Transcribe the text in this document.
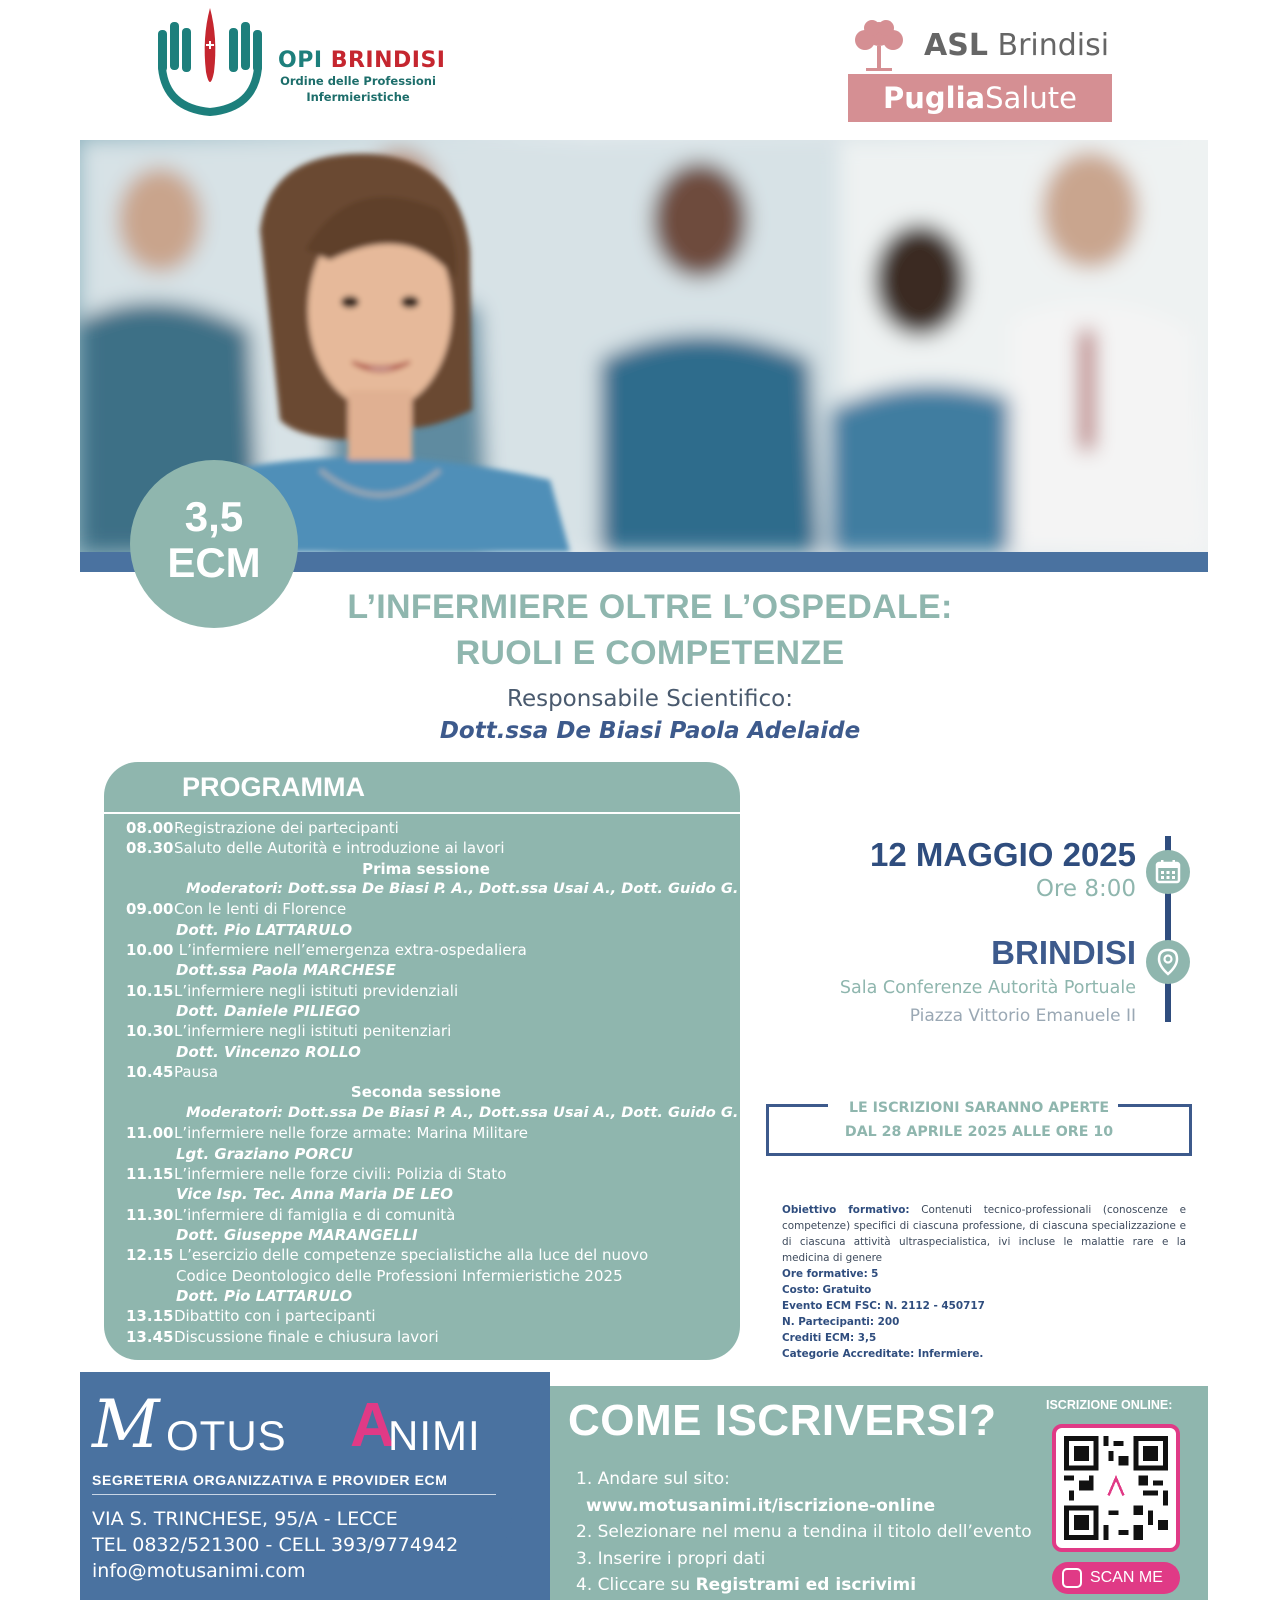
OPI BRINDISI
Ordine delle Professioni
Infermieristiche
ASL Brindisi
PugliaSalute
3,5
ECM
L’INFERMIERE OLTRE L’OSPEDALE:
RUOLI E COMPETENZE
Responsabile Scientifico:
Dott.ssa De Biasi Paola Adelaide
PROGRAMMA
08.00Registrazione dei partecipanti
08.30Saluto delle Autorità e introduzione ai lavori
Prima sessione
Moderatori: Dott.ssa De Biasi P. A., Dott.ssa Usai A., Dott. Guido G.
09.00Con le lenti di Florence
Dott. Pio LATTARULO
10.00 L’infermiere nell’emergenza extra-ospedaliera
Dott.ssa Paola MARCHESE
10.15L’infermiere negli istituti previdenziali
Dott. Daniele PILIEGO
10.30L’infermiere negli istituti penitenziari
Dott. Vincenzo ROLLO
10.45Pausa
Seconda sessione
Moderatori: Dott.ssa De Biasi P. A., Dott.ssa Usai A., Dott. Guido G.
11.00L’infermiere nelle forze armate: Marina Militare
Lgt. Graziano PORCU
11.15L’infermiere nelle forze civili: Polizia di Stato
Vice Isp. Tec. Anna Maria DE LEO
11.30L’infermiere di famiglia e di comunità
Dott. Giuseppe MARANGELLI
12.15 L’esercizio delle competenze specialistiche alla luce del nuovo
Codice Deontologico delle Professioni Infermieristiche 2025
Dott. Pio LATTARULO
13.15Dibattito con i partecipanti
13.45Discussione finale e chiusura lavori
12 MAGGIO 2025
Ore 8:00
BRINDISI
Sala Conferenze Autorità Portuale
Piazza Vittorio Emanuele II
LE ISCRIZIONI SARANNO APERTE
DAL 28 APRILE 2025 ALLE ORE 10
Obiettivo formativo: Contenuti tecnico-professionali (conoscenze e competenze) specifici di ciascuna professione, di ciascuna specializzazione e di ciascuna attività ultraspecialistica, ivi incluse le malattie rare e la medicina di genere
Ore formative: 5
Costo: Gratuito
Evento ECM FSC: N. 2112 - 450717
N. Partecipanti: 200
Crediti ECM: 3,5
Categorie Accreditate: Infermiere.
M OTUS A
NIMI
SEGRETERIA ORGANIZZATIVA E PROVIDER ECM
VIA S. TRINCHESE, 95/A - LECCE
TEL 0832/521300 - CELL 393/9774942
info@motusanimi.com
COME ISCRIVERSI?
1. Andare sul sito:
www.motusanimi.it/iscrizione-online
2. Selezionare nel menu a tendina il titolo dell’evento
3. Inserire i propri dati
4. Cliccare su Registrami ed iscrivimi
ISCRIZIONE ONLINE:
SCAN ME
